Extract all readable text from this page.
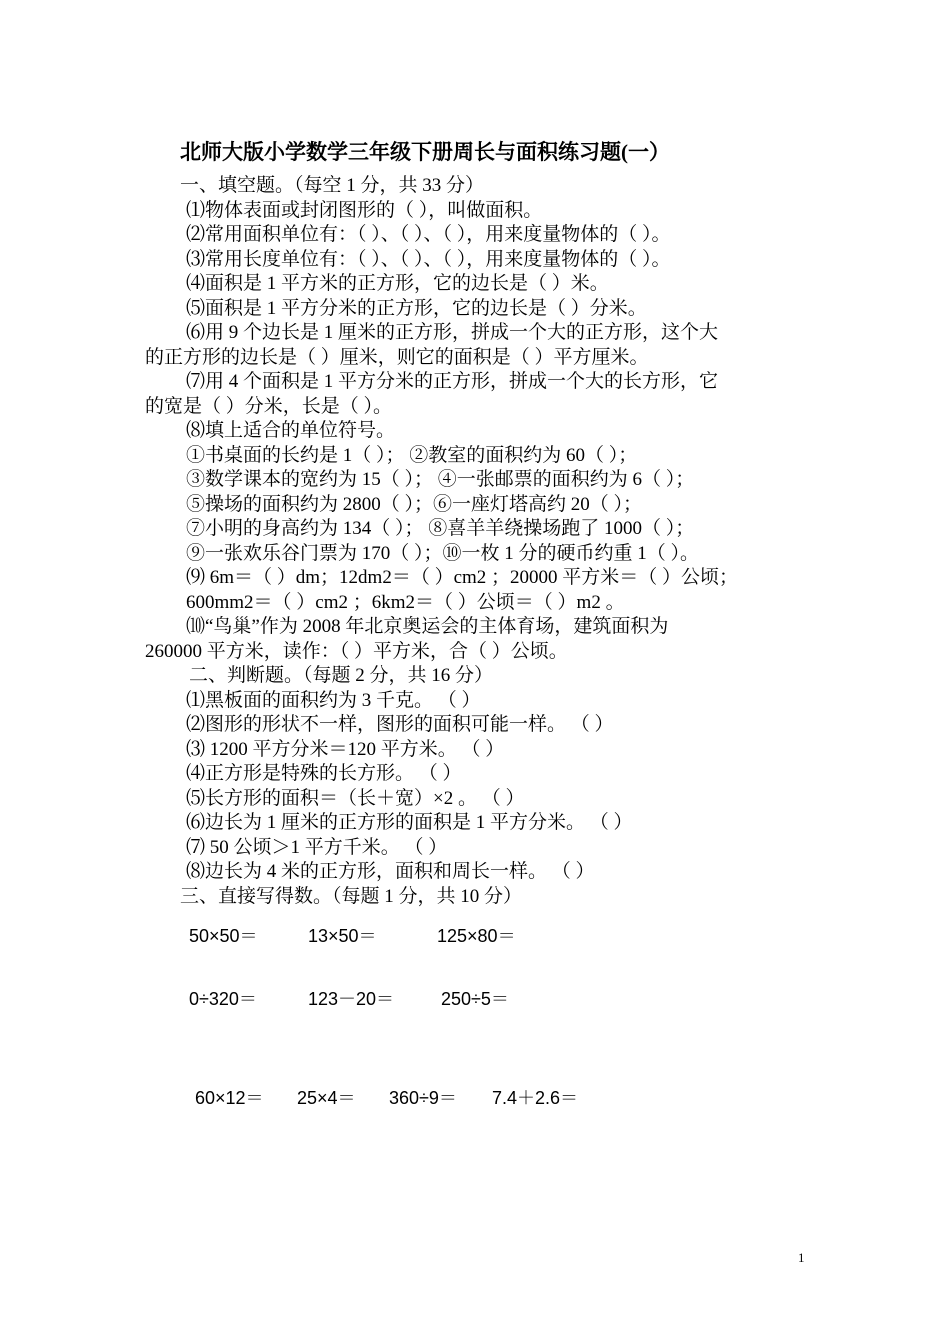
北师大版小学数学三年级下册周长与面积练习题(一）
一、填空题。（每空 1 分，共 33 分）
⑴物体表面或封闭图形的（ ），叫做面积。
⑵常用面积单位有：（ ）、（ ）、（ ），用来度量物体的（ ）。
⑶常用长度单位有：（ ）、（ ）、（ ），用来度量物体的（ ）。
⑷面积是 1 平方米的正方形，它的边长是（ ）米。
⑸面积是 1 平方分米的正方形，它的边长是（ ）分米。
⑹用 9 个边长是 1 厘米的正方形，拼成一个大的正方形，这个大
的正方形的边长是（ ）厘米，则它的面积是（ ）平方厘米。
⑺用 4 个面积是 1 平方分米的正方形，拼成一个大的长方形，它
的宽是（ ）分米，长是（ ）。
⑻填上适合的单位符号。
①书桌面的长约是 1（ ）； ②教室的面积约为 60（ ）；
③数学课本的宽约为 15（ ）； ④一张邮票的面积约为 6（ ）；
⑤操场的面积约为 2800（ ）；⑥一座灯塔高约 20（ ）；
⑦小明的身高约为 134（ ）； ⑧喜羊羊绕操场跑了 1000（ ）；
⑨一张欢乐谷门票为 170（ ）；⑩一枚 1 分的硬币约重 1（ ）。
⑼ 6m＝（ ）dm；12dm2＝（ ）cm2 ；20000 平方米＝（ ）公顷；
600mm2＝（ ）cm2 ；6km2＝（ ）公顷＝（ ）m2 。
⑽“鸟巢”作为 2008 年北京奥运会的主体育场，建筑面积为
260000 平方米，读作：（ ）平方米，合（ ）公顷。
二、判断题。（每题 2 分，共 16 分）
⑴黑板面的面积约为 3 千克。 （ ）
⑵图形的形状不一样，图形的面积可能一样。 （ ）
⑶ 1200 平方分米＝120 平方米。 （ ）
⑷正方形是特殊的长方形。 （ ）
⑸长方形的面积＝（长＋宽）×2 。 （ ）
⑹边长为 1 厘米的正方形的面积是 1 平方分米。 （ ）
⑺ 50 公顷＞1 平方千米。 （ ）
⑻边长为 4 米的正方形，面积和周长一样。 （ ）
三、直接写得数。（每题 1 分，共 10 分）
50×50＝	13×50＝	125×80＝
0÷320＝	123－20＝	250÷5＝
60×12＝ 25×4＝ 360÷9＝ 7.4＋2.6＝
1
